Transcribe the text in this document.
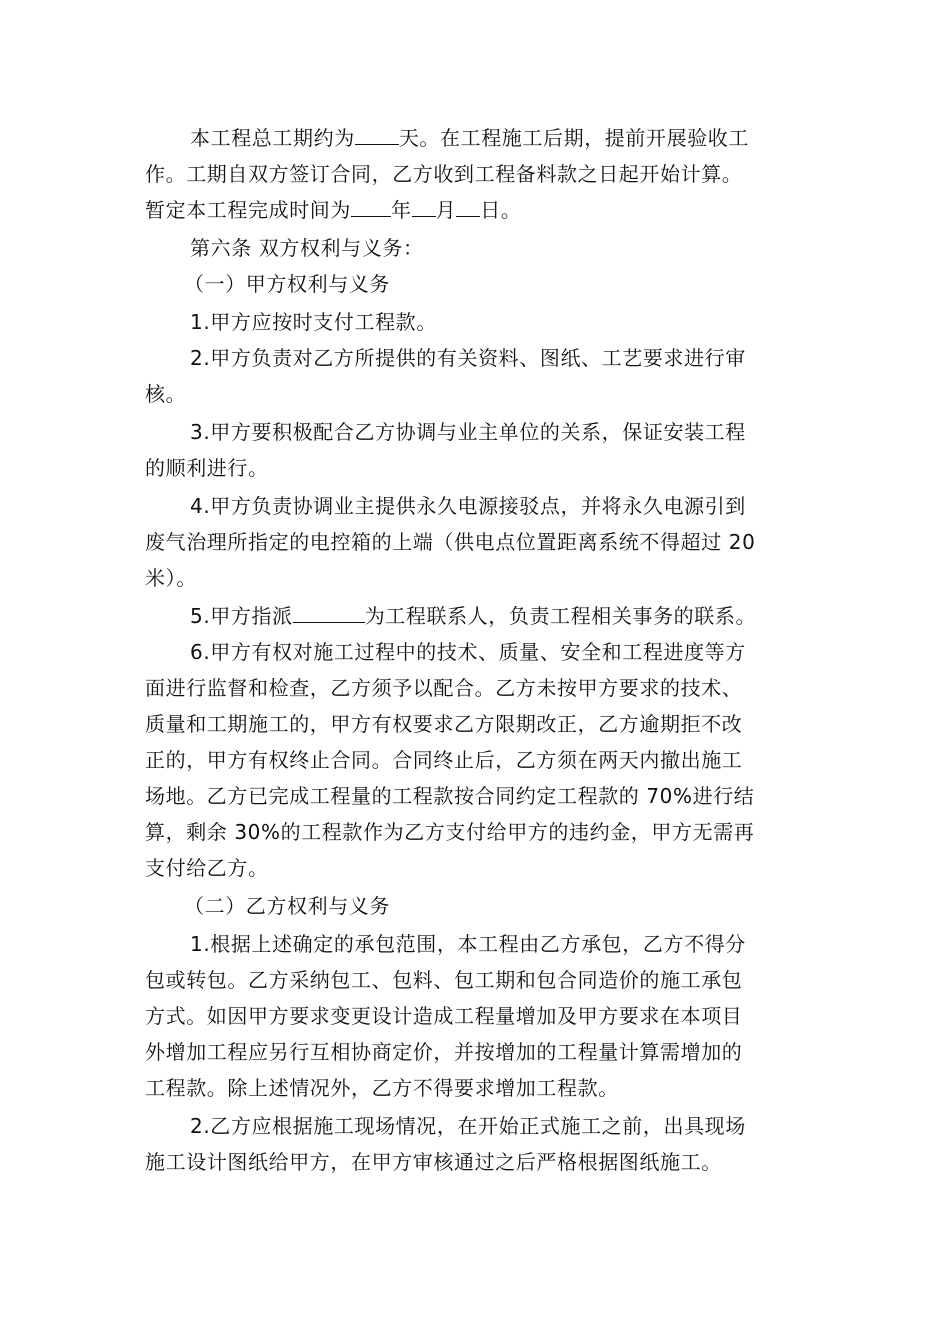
本工程总工期约为 天。在工程施工后期，提前开展验收工
作。工期自双方签订合同，乙方收到工程备料款之日起开始计算。
暂定本工程完成时间为 年 月 日。
第六条 双方权利与义务：
（一）甲方权利与义务
1.甲方应按时支付工程款。
2.甲方负责对乙方所提供的有关资料、图纸、工艺要求进行审
核。
3.甲方要积极配合乙方协调与业主单位的关系，保证安装工程
的顺利进行。
4.甲方负责协调业主提供永久电源接驳点，并将永久电源引到
废气治理所指定的电控箱的上端（供电点位置距离系统不得超过 20
米）。
5.甲方指派	为工程联系人，负责工程相关事务的联系。
6.甲方有权对施工过程中的技术、质量、安全和工程进度等方
面进行监督和检查，乙方须予以配合。乙方未按甲方要求的技术、
质量和工期施工的，甲方有权要求乙方限期改正，乙方逾期拒不改
正的，甲方有权终止合同。合同终止后，乙方须在两天内撤出施工
场地。乙方已完成工程量的工程款按合同约定工程款的 70%进行结
算，剩余 30%的工程款作为乙方支付给甲方的违约金，甲方无需再
支付给乙方。
（二）乙方权利与义务
1.根据上述确定的承包范围，本工程由乙方承包，乙方不得分
包或转包。乙方采纳包工、包料、包工期和包合同造价的施工承包
方式。如因甲方要求变更设计造成工程量增加及甲方要求在本项目
外增加工程应另行互相协商定价，并按增加的工程量计算需增加的
工程款。除上述情况外，乙方不得要求增加工程款。
2.乙方应根据施工现场情况，在开始正式施工之前，出具现场
施工设计图纸给甲方，在甲方审核通过之后严格根据图纸施工。
